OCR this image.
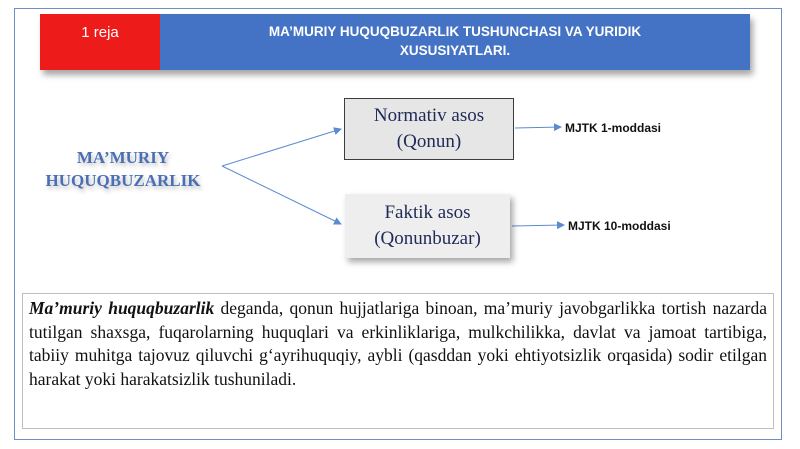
1 reja	MA’MURIY HUQUQBUZARLIK TUSHUNCHASI VA YURIDIK
XUSUSIYATLARI.
MA’MURIY
HUQUQBUZARLIK
Normativ asos
(Qonun)
Faktik asos
(Qonunbuzar)
MJTK 1-moddasi
MJTK 10-moddasi
Ma’muriy huquqbuzarlik deganda, qonun hujjatlariga binoan, ma’muriy javobgarlikka tortish nazarda tutilgan shaxsga, fuqarolarning huquqlari va erkinliklariga, mulkchilikka, davlat va jamoat tartibiga, tabiiy muhitga tajovuz qiluvchi g‘ayrihuquqiy, aybli (qasddan yoki ehtiyotsizlik orqasida) sodir etilgan harakat yoki harakatsizlik tushuniladi.
